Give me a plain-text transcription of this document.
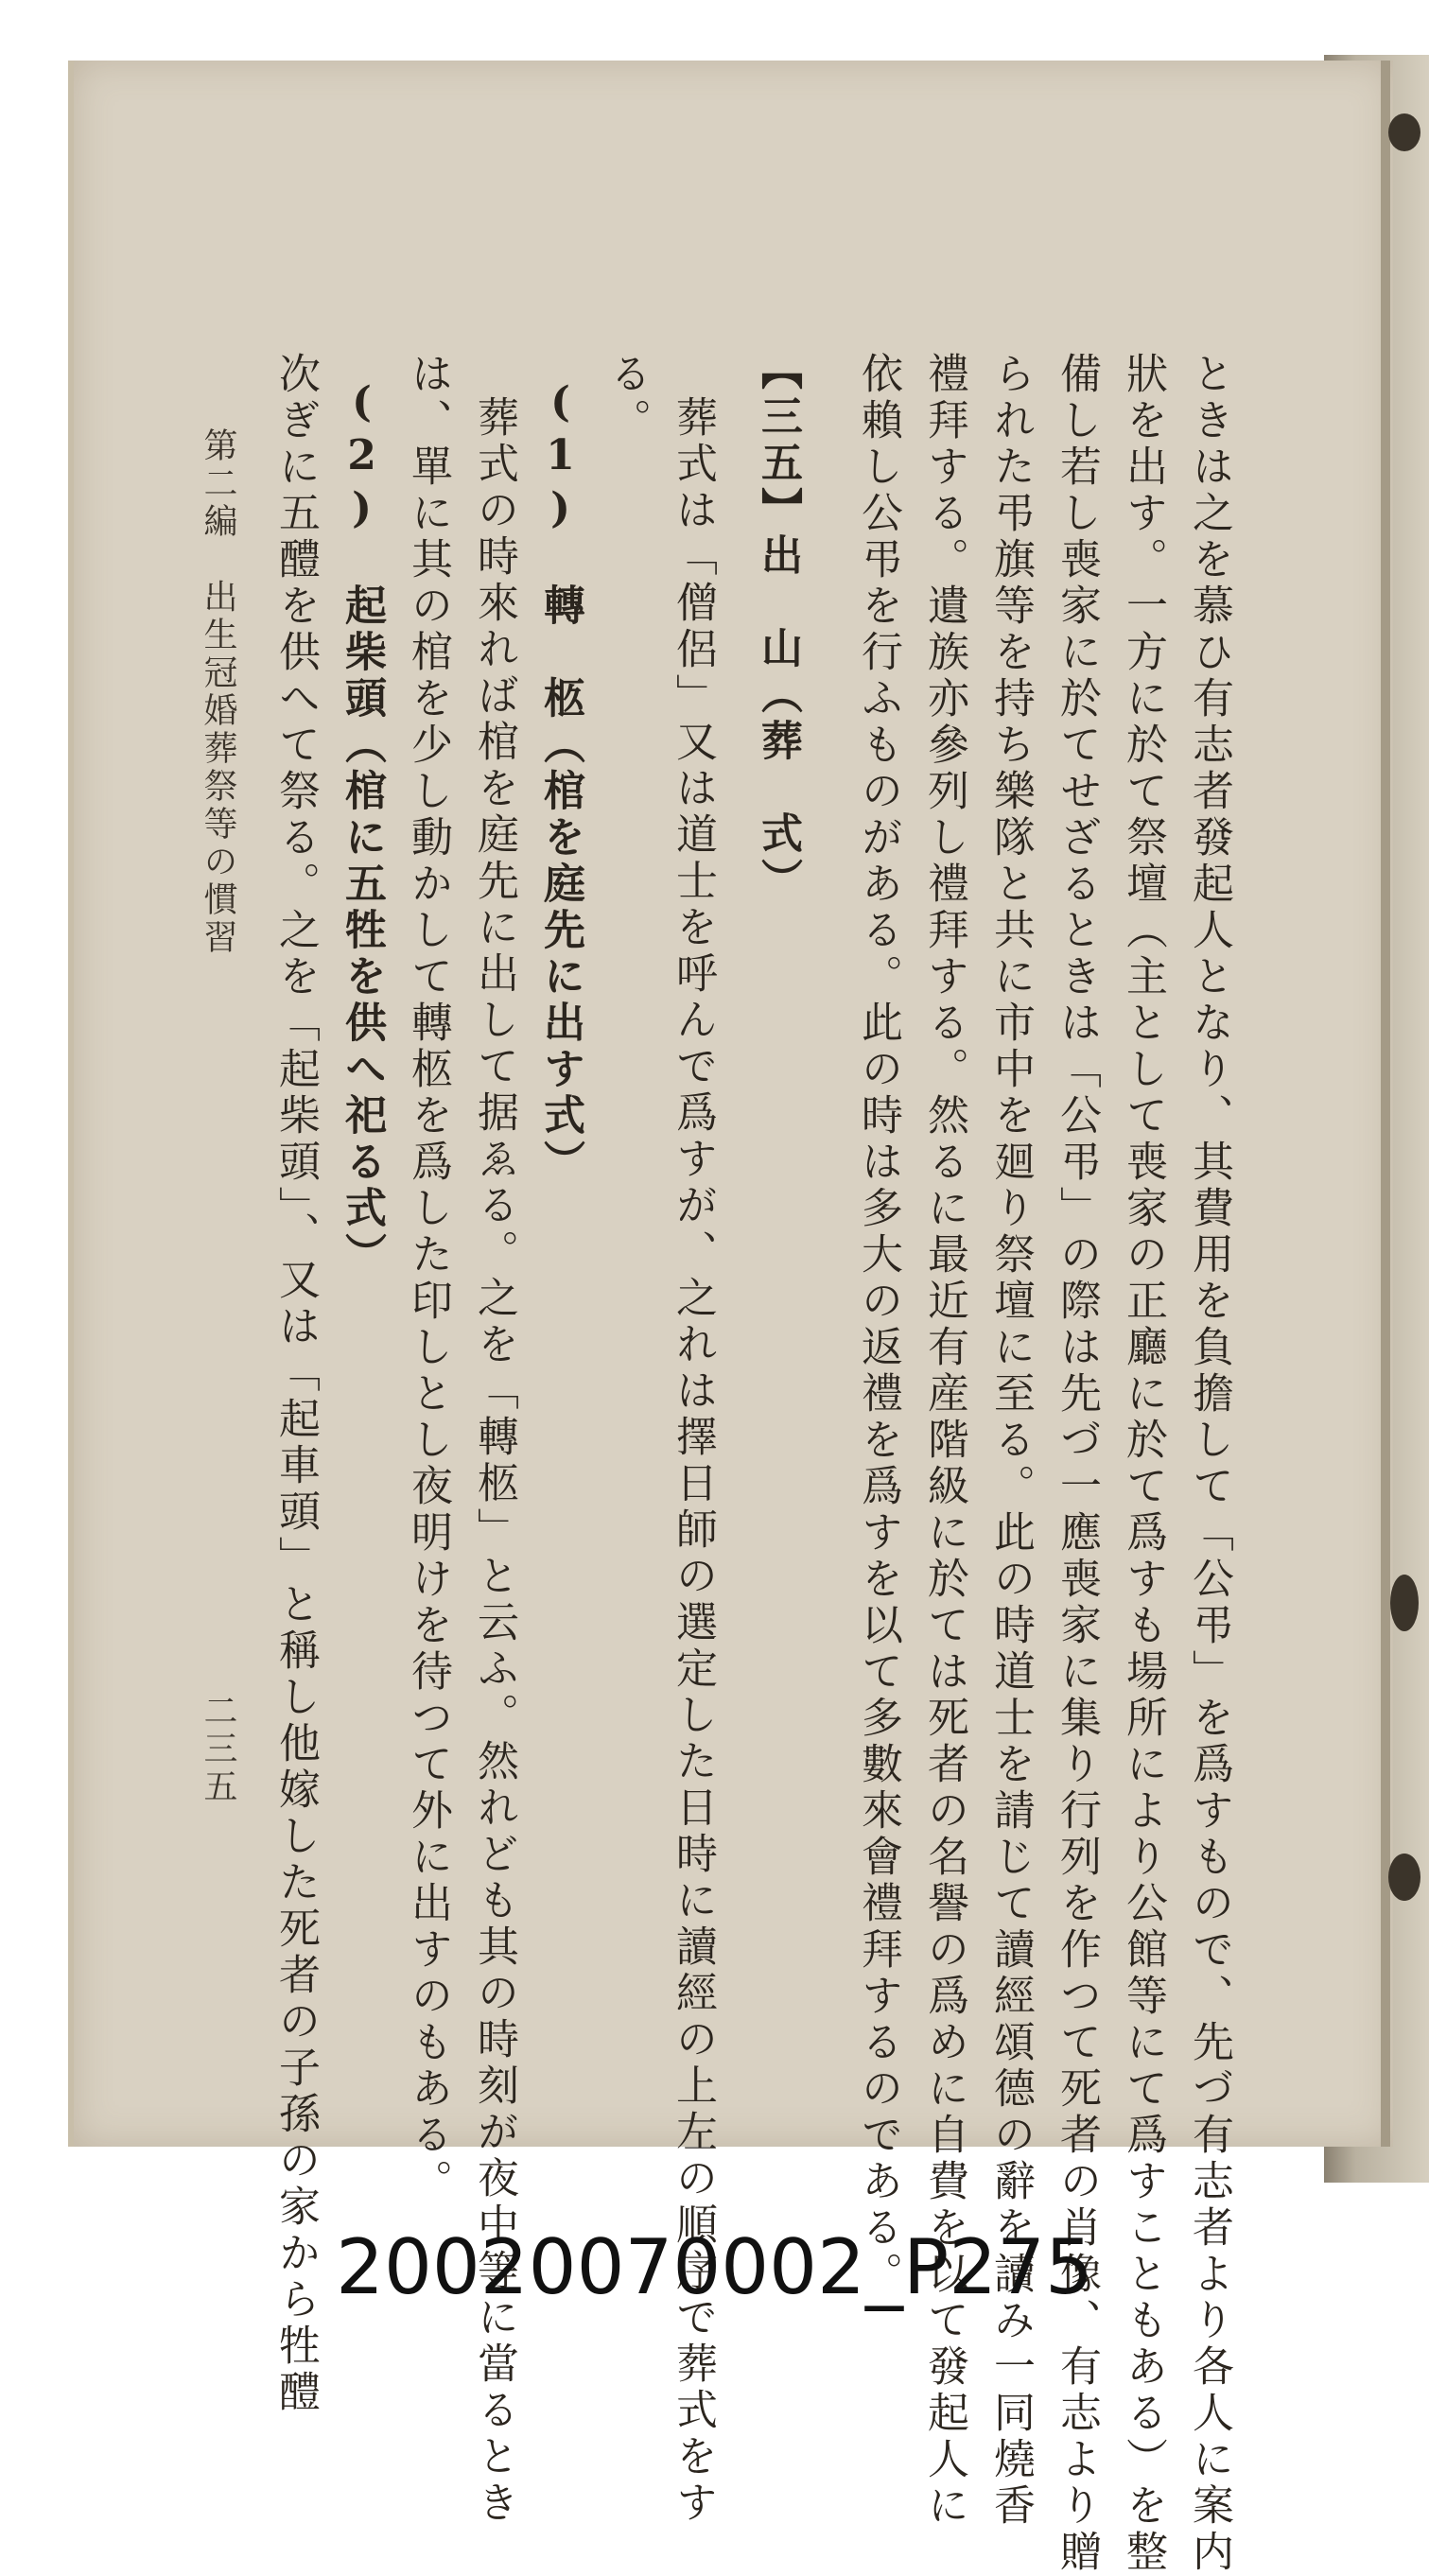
ときは之を慕ひ有志者發起人となり、其費用を負擔して「公弔」を爲すもので、先づ有志者より各人に案内
狀を出す。一方に於て祭壇（主として喪家の正廳に於て爲すも場所により公館等にて爲すこともある）を整
備し若し喪家に於てせざるときは「公弔」の際は先づ一應喪家に集り行列を作つて死者の肖像、有志より贈
られた弔旗等を持ち樂隊と共に市中を廻り祭壇に至る。此の時道士を請じて讀經頌德の辭を讀み一同燒香
禮拜する。遺族亦參列し禮拜する。然るに最近有産階級に於ては死者の名譽の爲めに自費を以て發起人に
依賴し公弔を行ふものがある。此の時は多大の返禮を爲すを以て多數來會禮拜するのである。
【三五】出　山（葬　式）
葬式は「僧侶」又は道士を呼んで爲すが、之れは擇日師の選定した日時に讀經の上左の順序で葬式をす
る。
(1)　轉　柩（棺を庭先に出す式）
葬式の時來れば棺を庭先に出して据ゑる。之を「轉柩」と云ふ。然れども其の時刻が夜中等に當るとき
は、單に其の棺を少し動かして轉柩を爲した印しとし夜明けを待つて外に出すのもある。
(2)　起柴頭（棺に五牲を供へ祀る式）
次ぎに五醴を供へて祭る。之を「起柴頭」、又は「起車頭」と稱し他嫁した死者の子孫の家から牲醴
第二編　出生冠婚葬祭等の慣習
二三五
20020070002_P275
